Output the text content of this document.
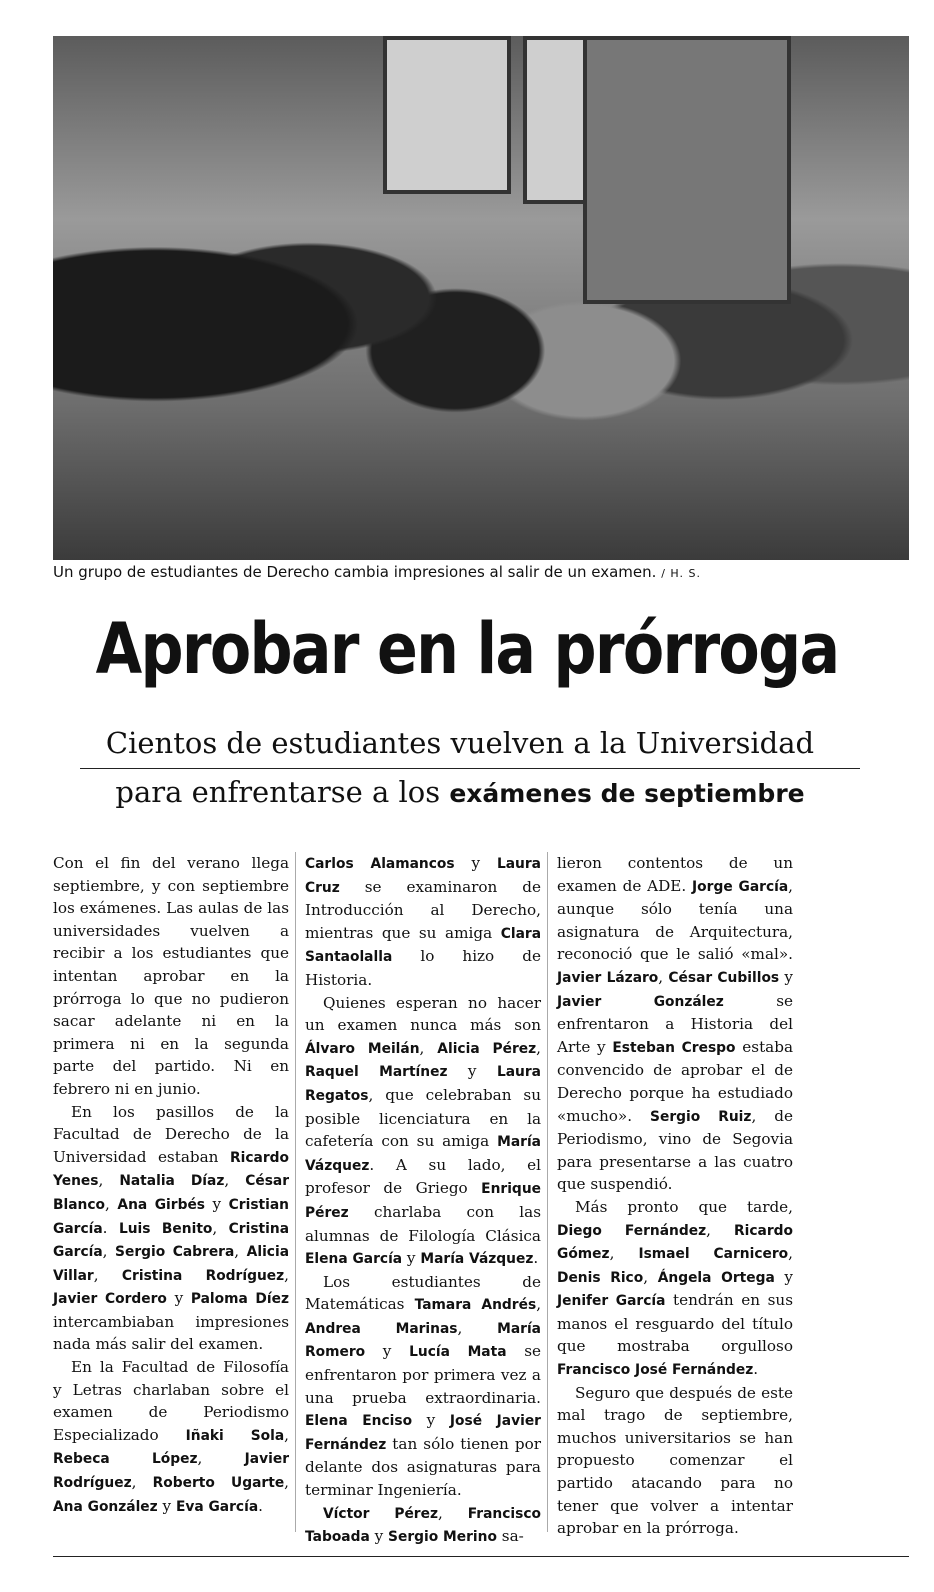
Un grupo de estudiantes de Derecho cambia impresiones al salir de un examen. / H. S.
Aprobar en la prórroga
Cientos de estudiantes vuelven a la Universidad
para enfrentarse a los exámenes de septiembre

Con el fin del verano llega septiembre, y con septiembre los exámenes. Las aulas de las universidades vuelven a recibir a los estudiantes que intentan aprobar en la prórroga lo que no pudieron sacar adelante ni en la primera ni en la segunda parte del partido. Ni en febrero ni en junio.

En los pasillos de la Facultad de Derecho de la Universidad estaban Ricardo Yenes, Natalia Díaz, César Blanco, Ana Girbés y Cristian García. Luis Benito, Cristina García, Sergio Cabrera, Alicia Villar, Cristina Rodríguez, Javier Cordero y Paloma Díez intercambiaban impresiones nada más salir del examen.

En la Facultad de Filosofía y Letras charlaban sobre el examen de Periodismo Especializado Iñaki Sola, Rebeca López, Javier Rodríguez, Roberto Ugarte, Ana González y Eva García.

Carlos Alamancos y Laura Cruz se examinaron de Introducción al Derecho, mientras que su amiga Clara Santaolalla lo hizo de Historia.

Quienes esperan no hacer un examen nunca más son Álvaro Meilán, Alicia Pérez, Raquel Martínez y Laura Regatos, que celebraban su posible licenciatura en la cafetería con su amiga María Vázquez. A su lado, el profesor de Griego Enrique Pérez charlaba con las alumnas de Filología Clásica Elena García y María Vázquez.

Los estudiantes de Matemáticas Tamara Andrés, Andrea Marinas, María Romero y Lucía Mata se enfrentaron por primera vez a una prueba extraordinaria. Elena Enciso y José Javier Fernández tan sólo tienen por delante dos asignaturas para terminar Ingeniería.

Víctor Pérez, Francisco Taboada y Sergio Merino sa-

lieron contentos de un examen de ADE. Jorge García, aunque sólo tenía una asignatura de Arquitectura, reconoció que le salió «mal». Javier Lázaro, César Cubillos y Javier González se enfrentaron a Historia del Arte y Esteban Crespo estaba convencido de aprobar el de Derecho porque ha estudiado «mucho». Sergio Ruiz, de Periodismo, vino de Segovia para presentarse a las cuatro que suspendió.

Más pronto que tarde, Diego Fernández, Ricardo Gómez, Ismael Carnicero, Denis Rico, Ángela Ortega y Jenifer García tendrán en sus manos el resguardo del título que mostraba orgulloso Francisco José Fernández.

Seguro que después de este mal trago de septiembre, muchos universitarios se han propuesto comenzar el partido atacando para no tener que volver a intentar aprobar en la prórroga.
